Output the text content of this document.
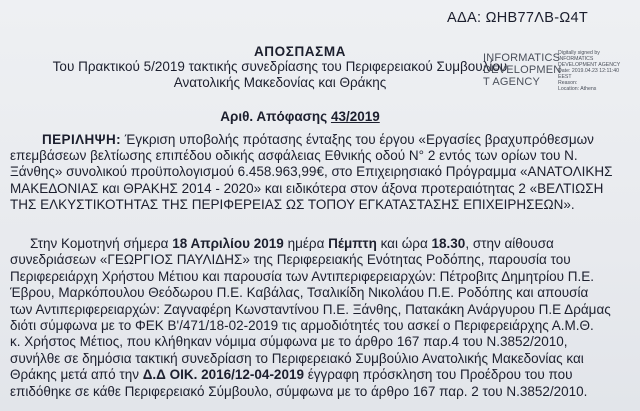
ΑΔΑ: ΩΗΒ77ΛΒ-Ω4Τ
ΑΠΟΣΠΑΣΜΑ
Του Πρακτικού 5/2019 τακτικής συνεδρίασης του Περιφερειακού Συμβουλίου
Ανατολικής Μακεδονίας και Θράκης
INFORMATICS
DEVELOPMEN
T AGENCY
Digitally signed by
INFORMATICS
DEVELOPMENT AGENCY
Date: 2019.04.23 12:11:40
EEST
Reason:
Location: Athens
Αριθ. Απόφασης 43/2019
ΠΕΡΙΛΗΨΗ: Έγκριση υποβολής πρότασης ένταξης του έργου «Εργασίες βραχυπρόθεσμων
επεμβάσεων βελτίωσης επιπέδου οδικής ασφάλειας Εθνικής οδού Ν° 2 εντός των ορίων του Ν.
Ξάνθης» συνολικού προϋπολογισμού 6.458.963,99€, στο Επιχειρησιακό Πρόγραμμα «ΑΝΑΤΟΛΙΚΗΣ
ΜΑΚΕΔΟΝΙΑΣ και ΘΡΑΚΗΣ 2014 - 2020» και ειδικότερα στον άξονα προτεραιότητας 2 «ΒΕΛΤΙΩΣΗ
ΤΗΣ ΕΛΚΥΣΤΙΚΟΤΗΤΑΣ ΤΗΣ ΠΕΡΙΦΕΡΕΙΑΣ ΩΣ ΤΟΠΟΥ ΕΓΚΑΤΑΣΤΑΣΗΣ ΕΠΙΧΕΙΡΗΣΕΩΝ».
Στην Κομοτηνή σήμερα 18 Απριλίου 2019 ημέρα Πέμπτη και ώρα 18.30, στην αίθουσα
συνεδριάσεων «ΓΕΩΡΓΙΟΣ ΠΑΥΛΙΔΗΣ» της Περιφερειακής Ενότητας Ροδόπης, παρουσία του
Περιφερειάρχη Χρήστου Μέτιου και παρουσία των Αντιπεριφερειαρχών: Πέτροβιτς Δημητρίου Π.Ε.
Έβρου, Μαρκόπουλου Θεόδωρου Π.Ε. Καβάλας, Τσαλικίδη Νικολάου Π.Ε. Ροδόπης και απουσία
των Αντιπεριφερειαρχών: Ζαγναφέρη Κωνσταντίνου Π.Ε. Ξάνθης, Πατακάκη Ανάργυρου Π.Ε Δράμας
διότι σύμφωνα με το ΦΕΚ Β'/471/18-02-2019 τις αρμοδιότητές του ασκεί ο Περιφερειάρχης Α.Μ.Θ.
κ. Χρήστος Μέτιος, που κλήθηκαν νόμιμα σύμφωνα με το άρθρο 167 παρ.4 του Ν.3852/2010,
συνήλθε σε δημόσια τακτική συνεδρίαση το Περιφερειακό Συμβούλιο Ανατολικής Μακεδονίας και
Θράκης μετά από την Δ.Δ ΟΙΚ. 2016/12-04-2019 έγγραφη πρόσκληση του Προέδρου του που
επιδόθηκε σε κάθε Περιφερειακό Σύμβουλο, σύμφωνα με το άρθρο 167 παρ. 2 του Ν.3852/2010.
